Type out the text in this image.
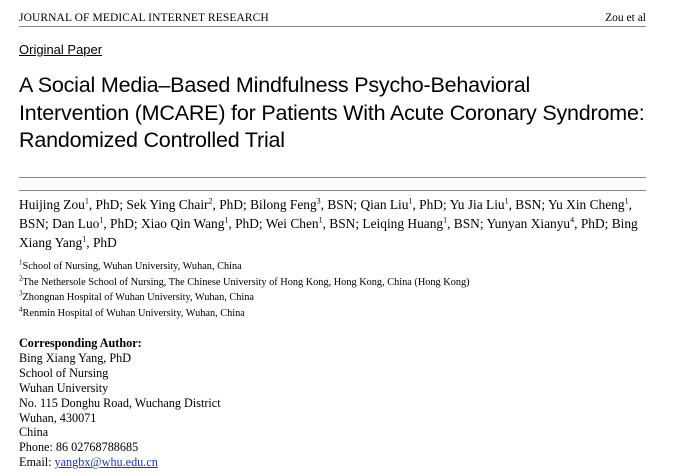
JOURNAL OF MEDICAL INTERNET RESEARCH	Zou et al
Original Paper
A Social Media–Based Mindfulness Psycho-Behavioral
Intervention (MCARE) for Patients With Acute Coronary Syndrome:
Randomized Controlled Trial
Huijing Zou$^1$, PhD; Sek Ying Chair$^2$, PhD; Bilong Feng$^3$, BSN; Qian Liu$^1$, PhD; Yu Jia Liu$^1$, BSN; Yu Xin Cheng$^1$,
BSN; Dan Luo$^1$, PhD; Xiao Qin Wang$^1$, PhD; Wei Chen$^1$, BSN; Leiqing Huang$^1$, BSN; Yunyan Xianyu$^4$, PhD; Bing
Xiang Yang$^1$, PhD
$^1$School of Nursing, Wuhan University, Wuhan, China
$^2$The Nethersole School of Nursing, The Chinese University of Hong Kong, Hong Kong, China (Hong Kong)
$^3$Zhongnan Hospital of Wuhan University, Wuhan, China
$^4$Renmin Hospital of Wuhan University, Wuhan, China
Corresponding Author:
Bing Xiang Yang, PhD
School of Nursing
Wuhan University
No. 115 Donghu Road, Wuchang District
Wuhan, 430071
China
Phone: 86 02768788685
Email: yangbx@whu.edu.cn
